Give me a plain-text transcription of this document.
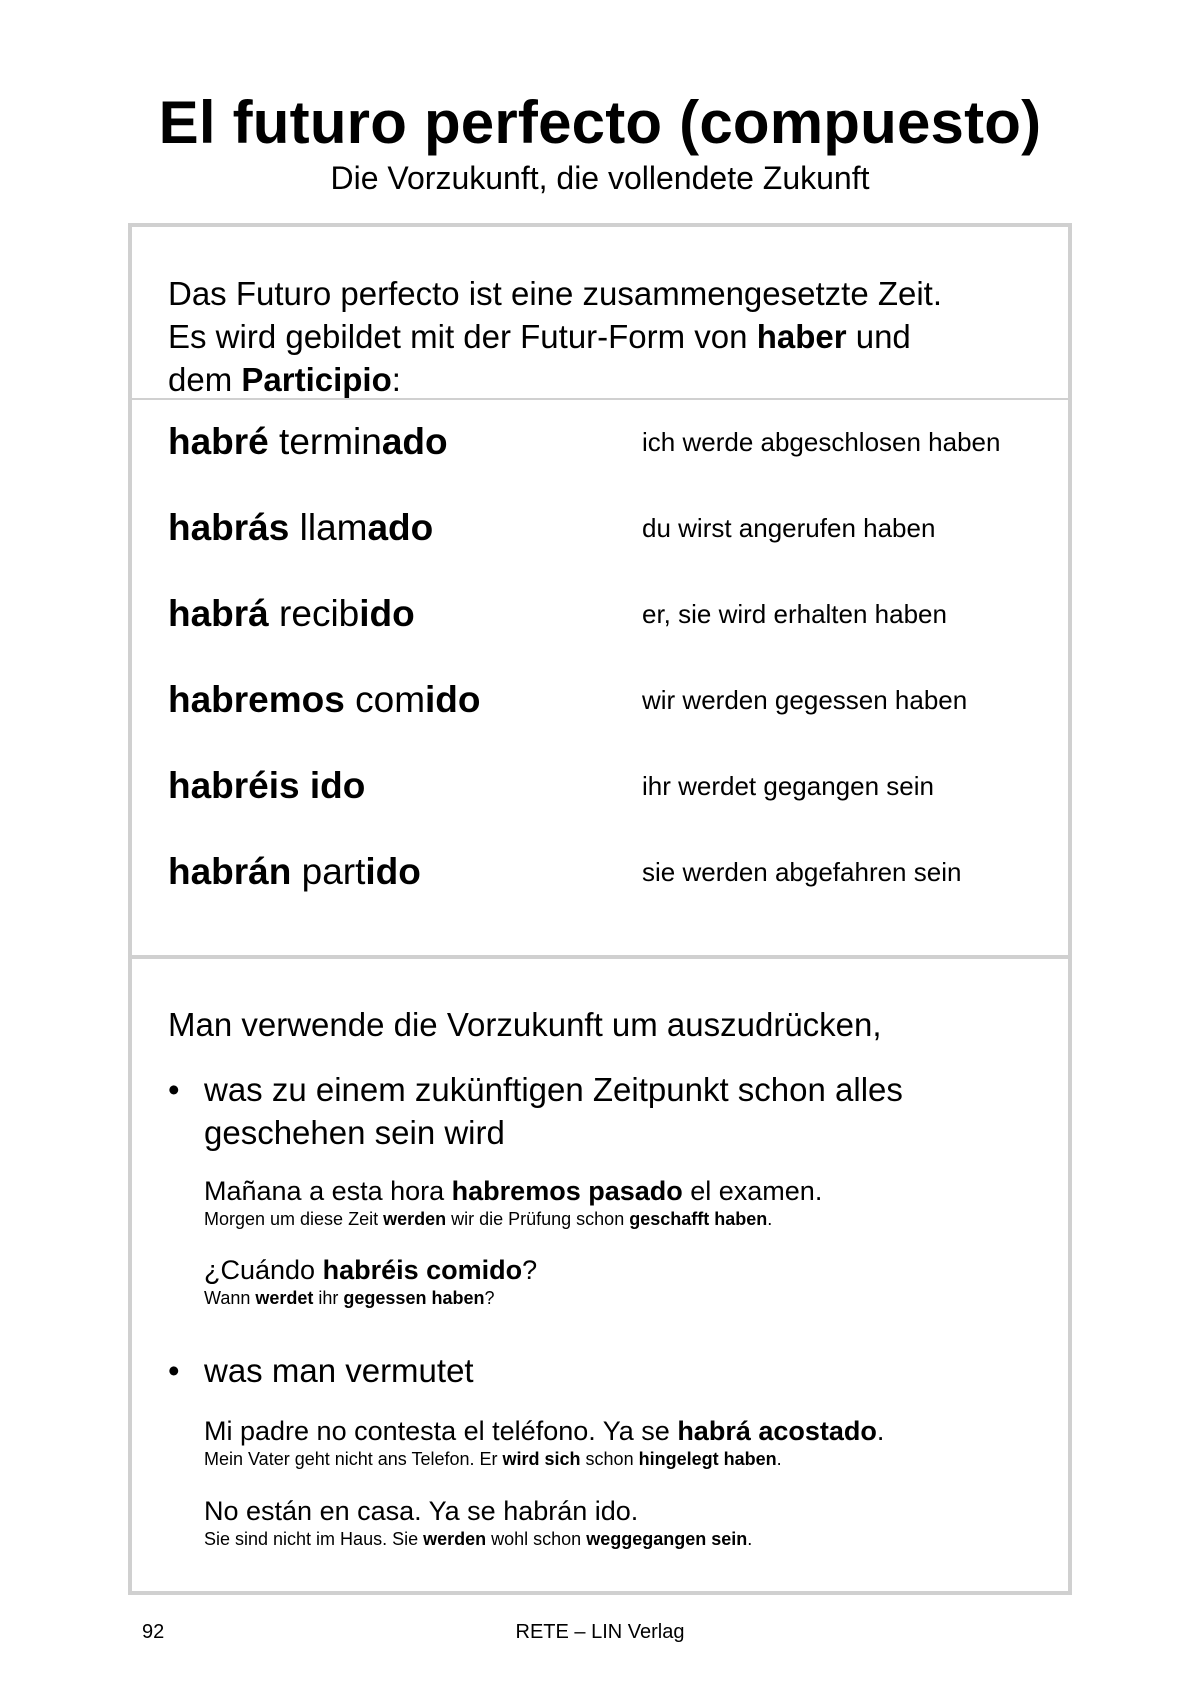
El futuro perfecto (compuesto)
Die Vorzukunft, die vollendete Zukunft
Das Futuro perfecto ist eine zusammengesetzte Zeit.
Es wird gebildet mit der Futur-Form von haber und
dem Participio:
habré terminado	ich werde abgeschlosen haben
habrás llamado	du wirst angerufen haben
habrá recibido	er, sie wird erhalten haben
habremos comido	wir werden gegessen haben
habréis ido	ihr werdet gegangen sein
habrán partido	sie werden abgefahren sein
Man verwende die Vorzukunft um auszudrücken,
• was zu einem zukünftigen Zeitpunkt schon alles
geschehen sein wird
Mañana a esta hora habremos pasado el examen.
Morgen um diese Zeit werden wir die Prüfung schon geschafft haben.
¿Cuándo habréis comido?
Wann werdet ihr gegessen haben?
• was man vermutet
Mi padre no contesta el teléfono. Ya se habrá acostado.
Mein Vater geht nicht ans Telefon. Er wird sich schon hingelegt haben.
No están en casa. Ya se habrán ido.
Sie sind nicht im Haus. Sie werden wohl schon weggegangen sein.
92	RETE – LIN Verlag
